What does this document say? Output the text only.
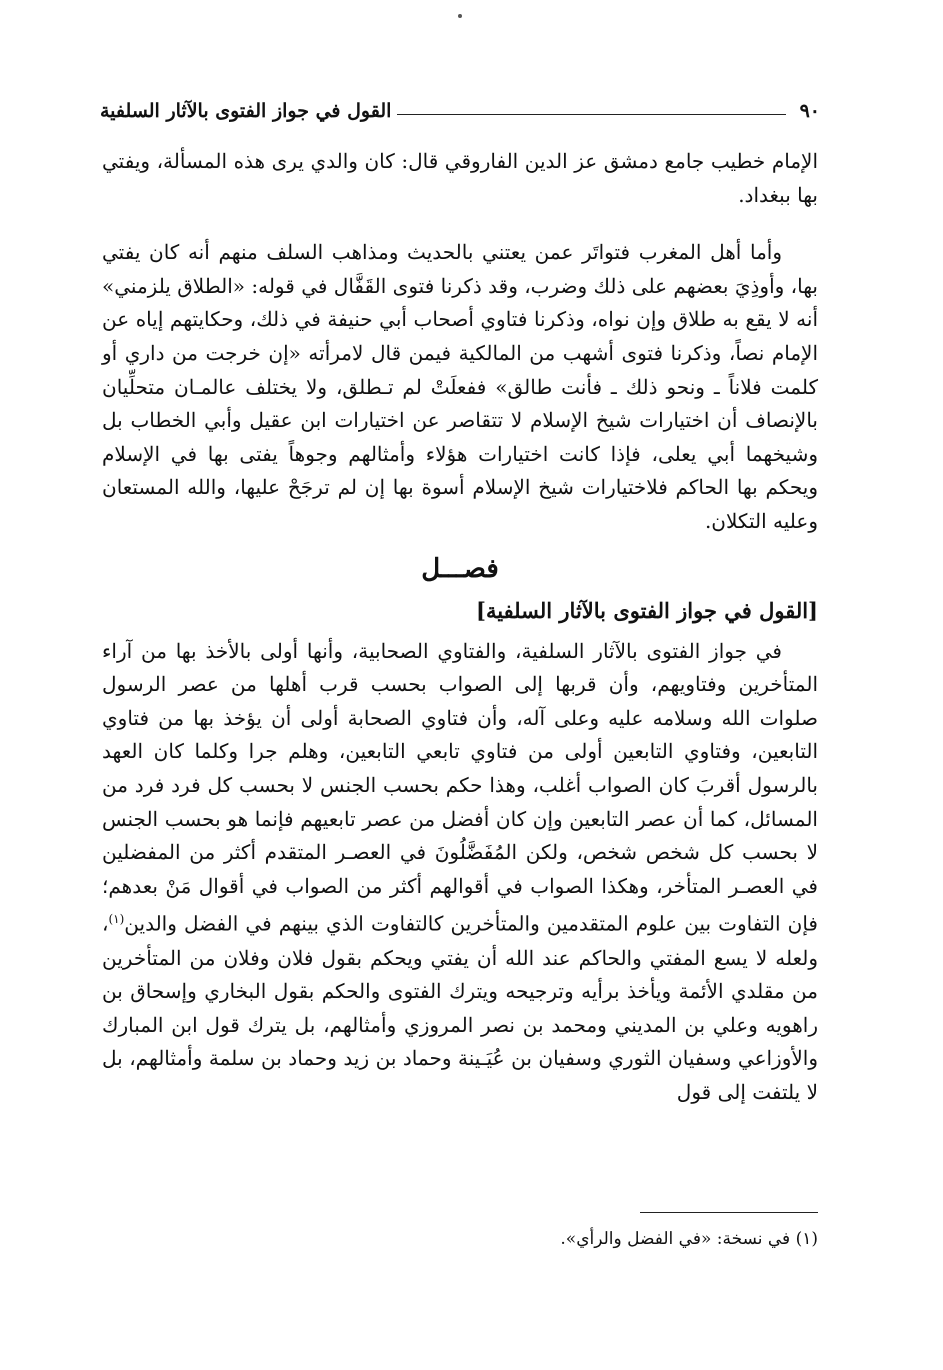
٩٠
القول في جواز الفتوى بالآثار السلفية

الإمام خطيب جامع دمشق عز الدين الفاروقي قال: كان والدي يرى هذه المسألة، ويفتي بها ببغداد.

وأما أهل المغرب فتواتَر عمن يعتني بالحديث ومذاهب السلف منهم أنه كان يفتي بها، وأوذِيَ بعضهم على ذلك وضرب، وقد ذكرنا فتوى القَفَّال في قوله: «الطلاق يلزمني» أنه لا يقع به طلاق وإن نواه، وذكرنا فتاوي أصحاب أبي حنيفة في ذلك، وحكايتهم إياه عن الإمام نصاً، وذكرنا فتوى أشهب من المالكية فيمن قال لامرأته «إن خرجت من داري أو كلمت فلاناً ـ ونحو ذلك ـ فأنت طالق» ففعلَتْ لم تـطلق، ولا يختلف عالمـان متحلِّيان بالإنصاف أن اختيارات شيخ الإسلام لا تتقاصر عن اختيارات ابن عقيل وأبي الخطاب بل وشيخهما أبي يعلى، فإذا كانت اختيارات هؤلاء وأمثالهم وجوهاً يفتى بها في الإسلام ويحكم بها الحاكم فلاختيارات شيخ الإسلام أسوة بها إن لم ترجَحْ عليها، والله المستعان وعليه التكلان.

فصـــل
[القول في جواز الفتوى بالآثار السلفية]

في جواز الفتوى بالآثار السلفية، والفتاوي الصحابية، وأنها أولى بالأخذ بها من آراء المتأخرين وفتاويهم، وأن قربها إلى الصواب بحسب قرب أهلها من عصر الرسول صلوات الله وسلامه عليه وعلى آله، وأن فتاوي الصحابة أولى أن يؤخذ بها من فتاوي التابعين، وفتاوي التابعين أولى من فتاوي تابعي التابعين، وهلم جرا وكلما كان العهد بالرسول أقربَ كان الصواب أغلب، وهذا حكم بحسب الجنس لا بحسب كل فرد فرد من المسائل، كما أن عصر التابعين وإن كان أفضل من عصر تابعيهم فإنما هو بحسب الجنس لا بحسب كل شخص شخص، ولكن المُفَضَّلُونَ في العصـر المتقدم أكثر من المفضلين في العصـر المتأخر، وهكذا الصواب في أقوالهم أكثر من الصواب في أقوال مَنْ بعدهم؛ فإن التفاوت بين علوم المتقدمين والمتأخرين كالتفاوت الذي بينهم في الفضل والدين$^{(١)}$، ولعله لا يسع المفتي والحاكم عند الله أن يفتي ويحكم بقول فلان وفلان من المتأخرين من مقلدي الأئمة ويأخذ برأيه وترجيحه ويترك الفتوى والحكم بقول البخاري وإسحاق بن راهويه وعلي بن المديني ومحمد بن نصر المروزي وأمثالهم، بل يترك قول ابن المبارك والأوزاعي وسفيان الثوري وسفيان بن عُيَـينة وحماد بن زيد وحماد بن سلمة وأمثالهم، بل لا يلتفت إلى قول

(١) في نسخة: «في الفضل والرأي».
